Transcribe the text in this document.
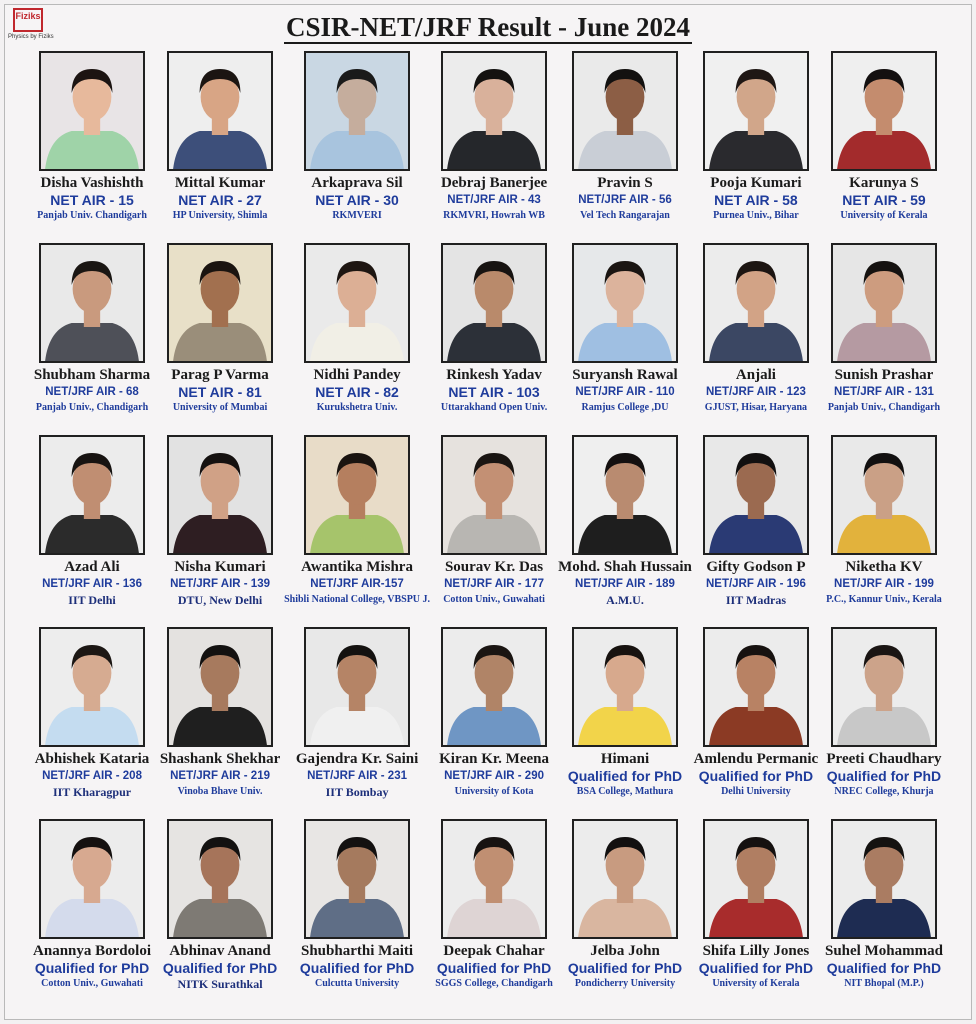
Fiziks
Physics by Fiziks	CSIR-NET/JRF Result - June 2024
Disha Vashishth
NET AIR - 15
Panjab Univ. Chandigarh
Mittal Kumar
NET AIR - 27
HP University, Shimla
Arkaprava Sil
NET AIR - 30
RKMVERI
Debraj Banerjee
NET/JRF AIR - 43
RKMVRI, Howrah WB
Pravin S
NET/JRF AIR - 56
Vel Tech Rangarajan
Pooja Kumari
NET AIR - 58
Purnea Univ., Bihar
Karunya S
NET AIR - 59
University of Kerala
Shubham Sharma
NET/JRF AIR - 68
Panjab Univ., Chandigarh
Parag P Varma
NET AIR - 81
University of Mumbai
Nidhi Pandey
NET AIR - 82
Kurukshetra Univ.
Rinkesh Yadav
NET AIR - 103
Uttarakhand Open Univ.
Suryansh Rawal
NET/JRF AIR - 110
Ramjus College ,DU
Anjali
NET/JRF AIR - 123
GJUST, Hisar, Haryana
Sunish Prashar
NET/JRF AIR - 131
Panjab Univ., Chandigarh
Azad Ali
NET/JRF AIR - 136
IIT Delhi
Nisha Kumari
NET/JRF AIR - 139
DTU, New Delhi
Awantika Mishra
NET/JRF AIR-157
Shibli National College, VBSPU J.
Sourav Kr. Das
NET/JRF AIR - 177
Cotton Univ., Guwahati
Mohd. Shah Hussain
NET/JRF AIR - 189
A.M.U.
Gifty Godson P
NET/JRF AIR - 196
IIT Madras
Niketha KV
NET/JRF AIR - 199
P.C., Kannur Univ., Kerala
Abhishek Kataria
NET/JRF AIR - 208
IIT Kharagpur
Shashank Shekhar
NET/JRF AIR - 219
Vinoba Bhave Univ.
Gajendra Kr. Saini
NET/JRF AIR - 231
IIT Bombay
Kiran Kr. Meena
NET/JRF AIR - 290
University of Kota
Himani
Qualified for PhD
BSA College, Mathura
Amlendu Permanic
Qualified for PhD
Delhi University
Preeti Chaudhary
Qualified for PhD
NREC College, Khurja
Anannya Bordoloi
Qualified for PhD
Cotton Univ., Guwahati
Abhinav Anand
Qualified for PhD
NITK Surathkal
Shubharthi Maiti
Qualified for PhD
Culcutta University
Deepak Chahar
Qualified for PhD
SGGS College, Chandigarh
Jelba John
Qualified for PhD
Pondicherry University
Shifa Lilly Jones
Qualified for PhD
University of Kerala
Suhel Mohammad
Qualified for PhD
NIT Bhopal (M.P.)
